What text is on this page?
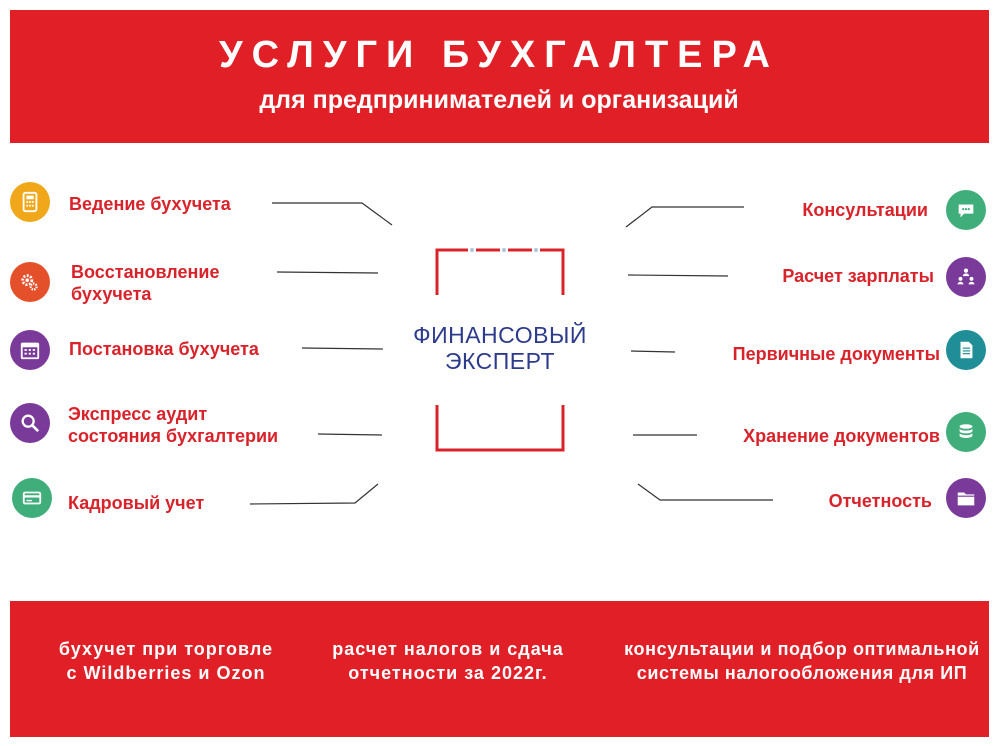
УСЛУГИ БУХГАЛТЕРА
для предпринимателей и организаций
ФИНАНСОВЫЙ
ЭКСПЕРТ
Ведение бухучета
Восстановление
бухучета
Постановка бухучета
Экспресс аудит
состояния бухгалтерии
Кадровый учет
Консультации
Расчет зарплаты
Первичные документы
Хранение документов
Отчетность
бухучет при торговле
с Wildberries и Ozon
расчет налогов и сдача
отчетности за 2022г.
консультации и подбор оптимальной
системы налогообложения для ИП
